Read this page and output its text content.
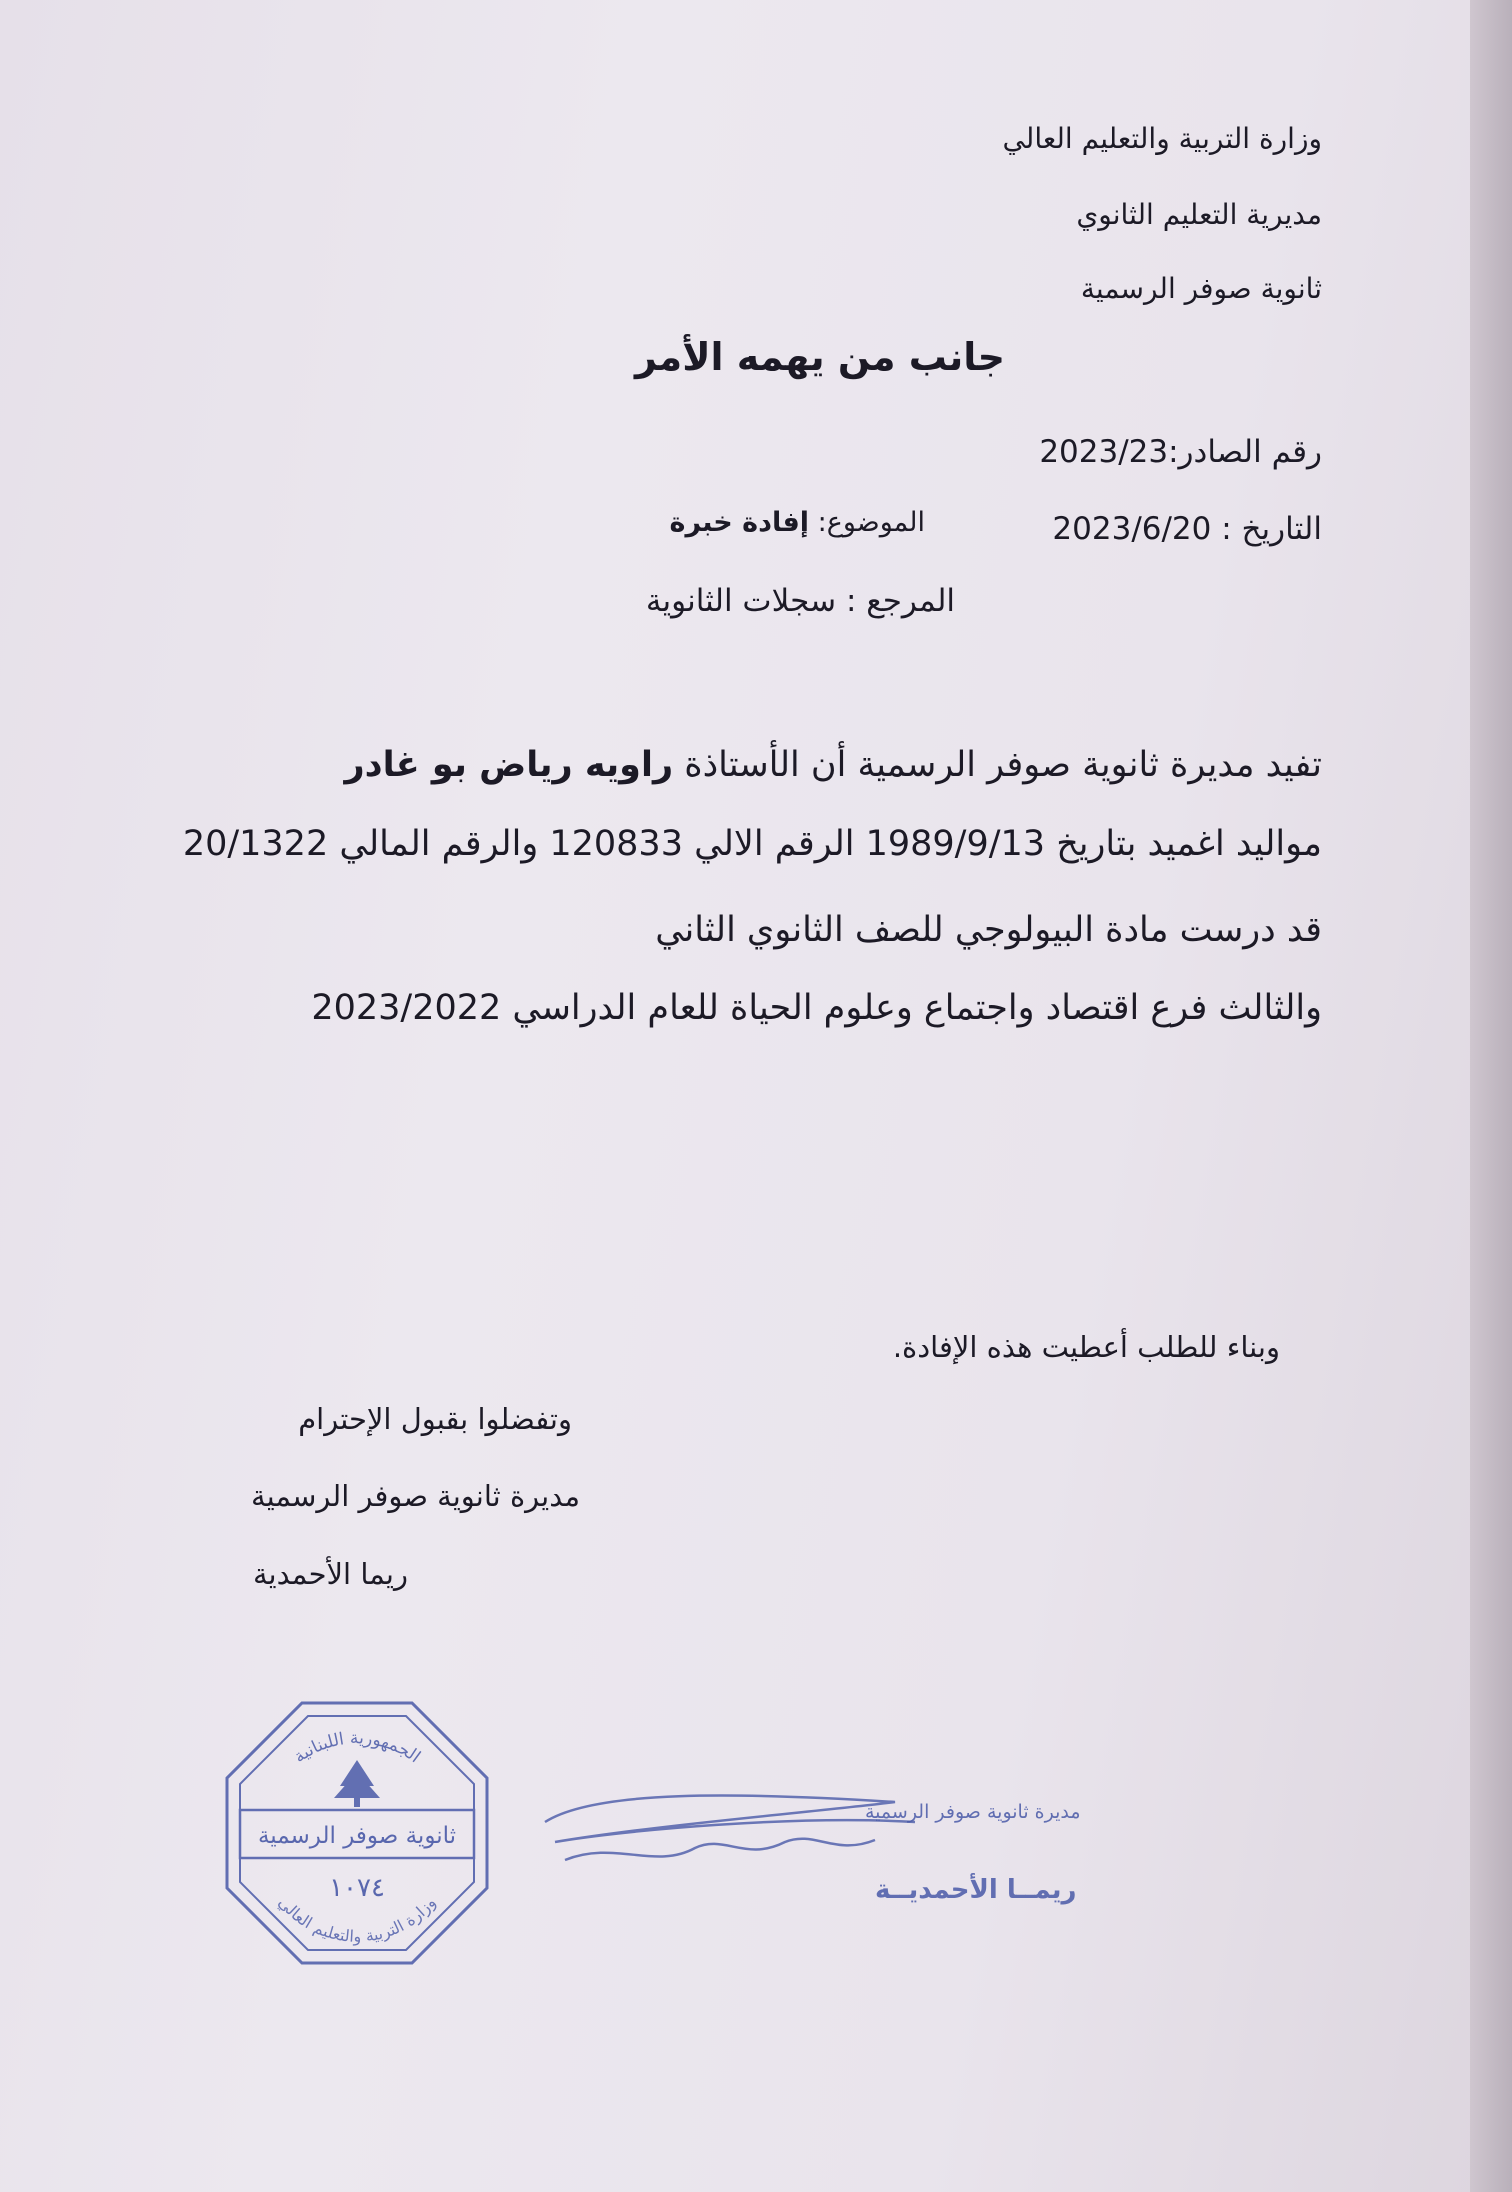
وزارة التربية والتعليم العالي
مديرية التعليم الثانوي
ثانوية صوفر الرسمية
جانب من يهمه الأمر
رقم الصادر:2023/23
التاريخ : 2023/6/20
الموضوع: إفادة خبرة
المرجع : سجلات الثانوية
تفيد مديرة ثانوية صوفر الرسمية أن الأستاذة راويه رياض بو غادر
مواليد اغميد بتاريخ 1989/9/13 الرقم الالي 120833 والرقم المالي 20/1322
قد درست مادة البيولوجي للصف الثانوي الثاني
والثالث فرع اقتصاد واجتماع وعلوم الحياة للعام الدراسي 2023/2022
وبناء للطلب أعطيت هذه الإفادة.
وتفضلوا بقبول الإحترام
مديرة ثانوية صوفر الرسمية
ريما الأحمدية
الجمهورية اللبنانية
ثانوية صوفر الرسمية
١٠٧٤
وزارة التربية والتعليم العالي
مديرة ثانوية صوفر الرسمية
ريمــا الأحمديــة
